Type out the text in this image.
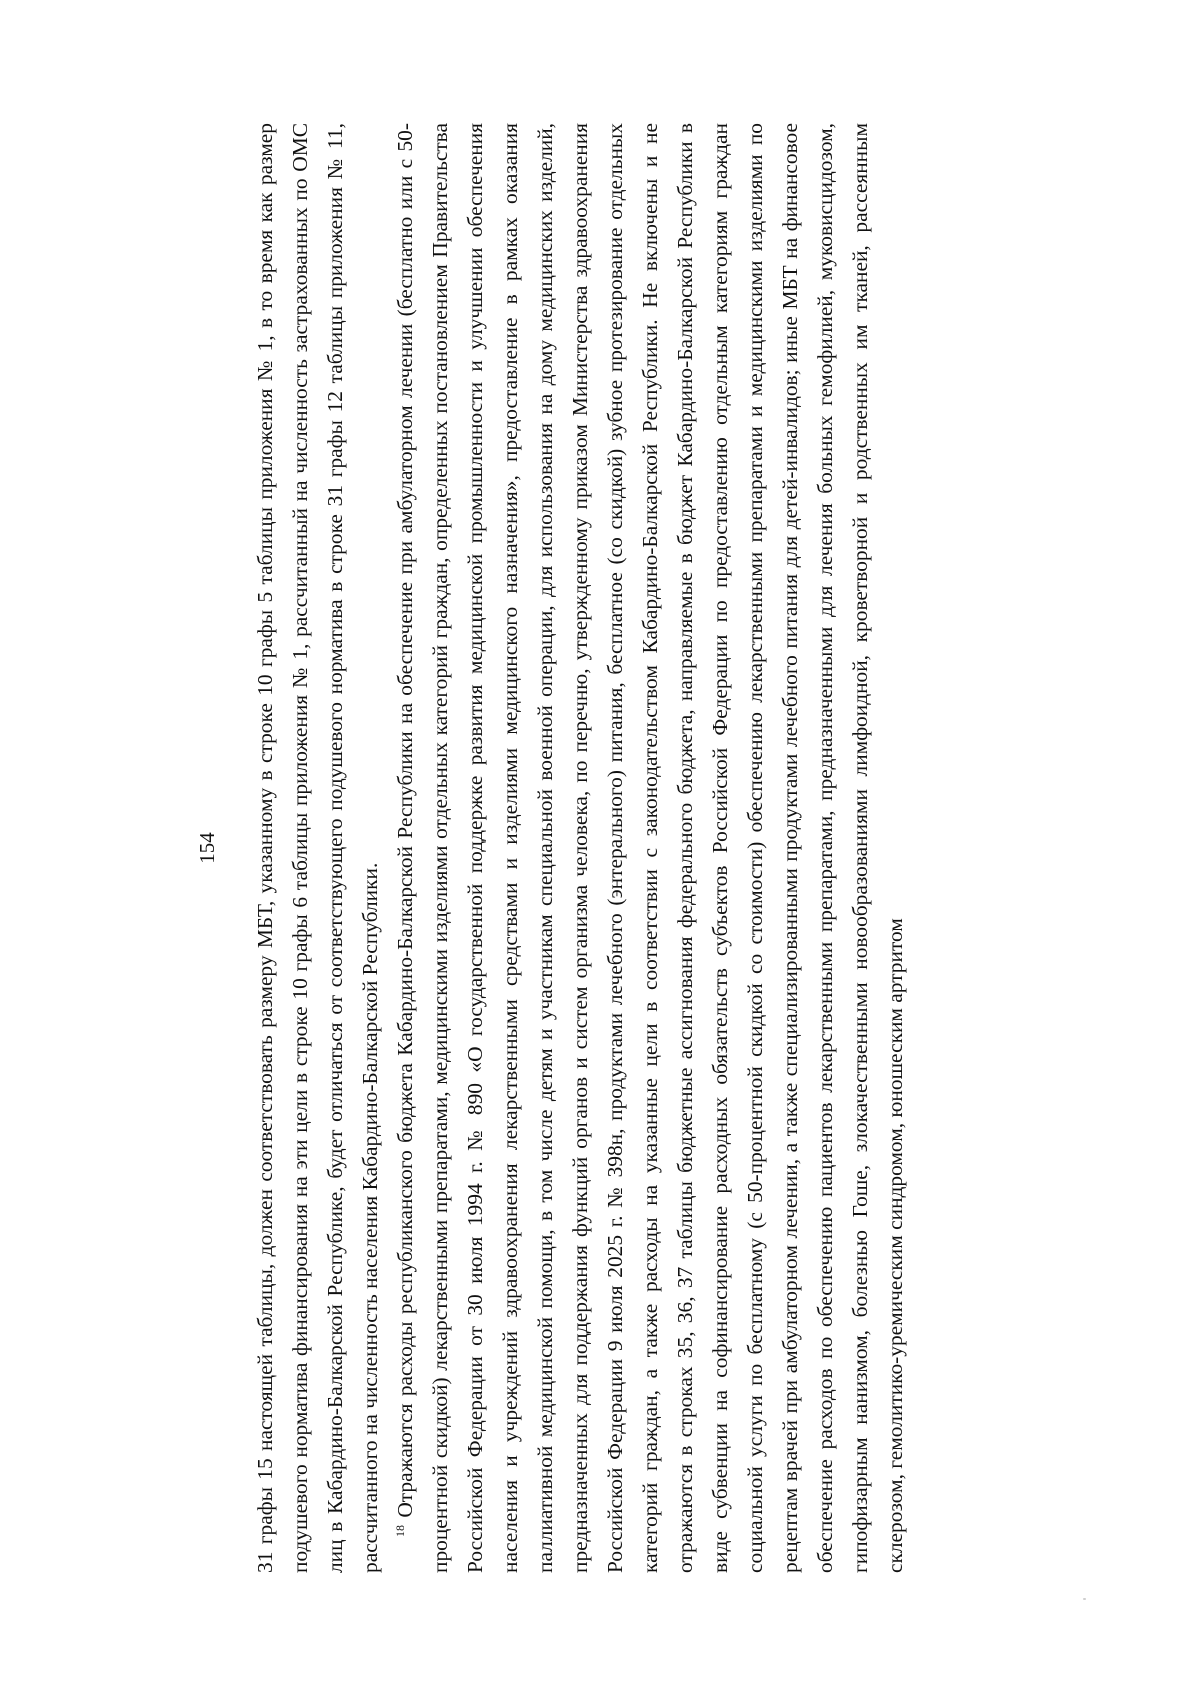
154	31 графы 15 настоящей таблицы, должен соответствовать размеру МБТ, указанному в строке 10 графы 5 таблицы приложения № 1, в то время как размер подушевого норматива финансирования на эти цели в строке 10 графы 6 таблицы приложения № 1, рассчитанный на численность застрахованных по ОМС лиц в Кабардино-Балкарской Республике, будет отличаться от соответствующего подушевого норматива в строке 31 графы 12 таблицы приложения № 11, рассчитанного на численность населения Кабардино-Балкарской Республики. $^{18}$ Отражаются расходы республиканского бюджета Кабардино-Балкарской Республики на обеспечение при амбулаторном лечении (бесплатно или с 50-процентной скидкой) лекарственными препаратами, медицинскими изделиями отдельных категорий граждан, определенных постановлением Правительства Российской Федерации от 30 июля 1994 г. № 890 «О государственной поддержке развития медицинской промышленности и улучшении обеспечения населения и учреждений здравоохранения лекарственными средствами и изделиями медицинского назначения», предоставление в рамках оказания паллиативной медицинской помощи, в том числе детям и участникам специальной военной операции, для использования на дому медицинских изделий, предназначенных для поддержания функций органов и систем организма человека, по перечню, утвержденному приказом Министерства здравоохранения Российской Федерации 9 июля 2025 г. № 398н, продуктами лечебного (энтерального) питания, бесплатное (со скидкой) зубное протезирование отдельных категорий граждан, а также расходы на указанные цели в соответствии с законодательством Кабардино-Балкарской Республики. Не включены и не отражаются в строках 35, 36, 37 таблицы бюджетные ассигнования федерального бюджета, направляемые в бюджет Кабардино-Балкарской Республики в виде субвенции на софинансирование расходных обязательств субъектов Российской Федерации по предоставлению отдельным категориям граждан социальной услуги по бесплатному (с 50-процентной скидкой со стоимости) обеспечению лекарственными препаратами и медицинскими изделиями по рецептам врачей при амбулаторном лечении, а также специализированными продуктами лечебного питания для детей-инвалидов; иные МБТ на финансовое обеспечение расходов по обеспечению пациентов лекарственными препаратами, предназначенными для лечения больных гемофилией, муковисцидозом, гипофизарным нанизмом, болезнью Гоше, злокачественными новообразованиями лимфоидной, кроветворной и родственных им тканей, рассеянным склерозом, гемолитико-уремическим синдромом, юношеским артритом
